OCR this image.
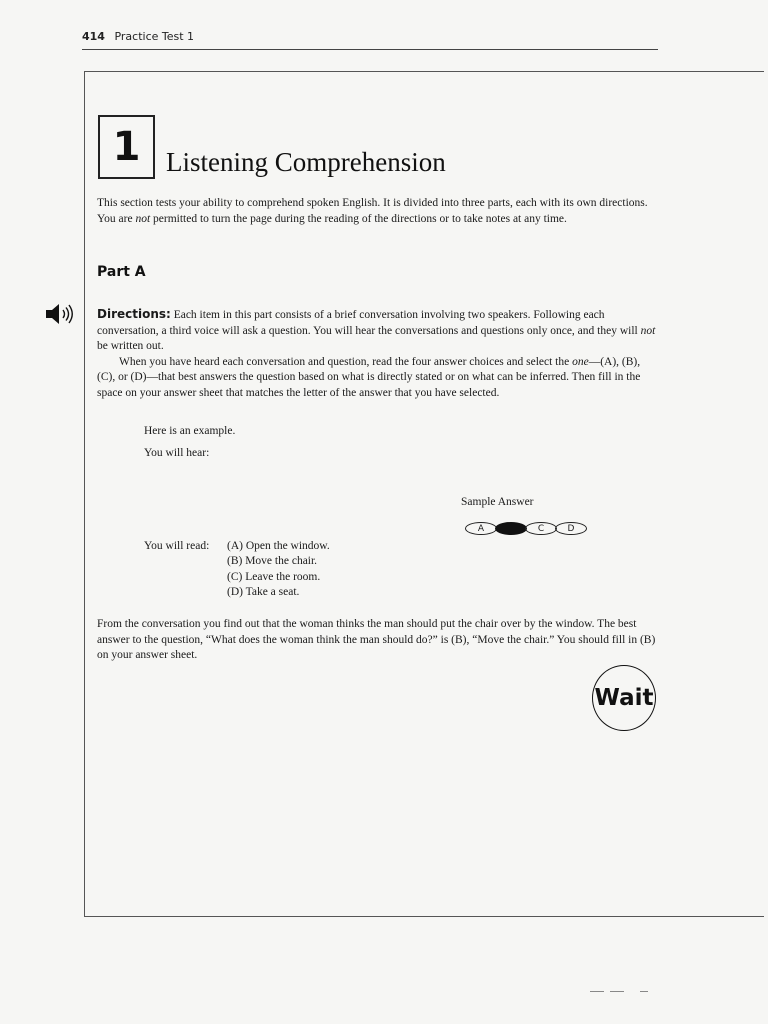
414 Practice Test 1
1 Listening Comprehension
This section tests your ability to comprehend spoken English. It is divided into three parts, each with its own directions. You are not permitted to turn the page during the reading of the directions or to take notes at any time.
Part A
Directions: Each item in this part consists of a brief conversation involving two speakers. Following each conversation, a third voice will ask a question. You will hear the conversations and questions only once, and they will not be written out.
When you have heard each conversation and question, read the four answer choices and select the one—(A), (B), (C), or (D)—that best answers the question based on what is directly stated or on what can be inferred. Then fill in the space on your answer sheet that matches the letter of the answer that you have selected.
Here is an example.
You will hear:
Sample Answer
A	C	D
You will read: (A) Open the window.
(B) Move the chair.
(C) Leave the room.
(D) Take a seat.
From the conversation you find out that the woman thinks the man should put the chair over by the window. The best answer to the question, “What does the woman think the man should do?” is (B), “Move the chair.” You should fill in (B) on your answer sheet.
Wait
